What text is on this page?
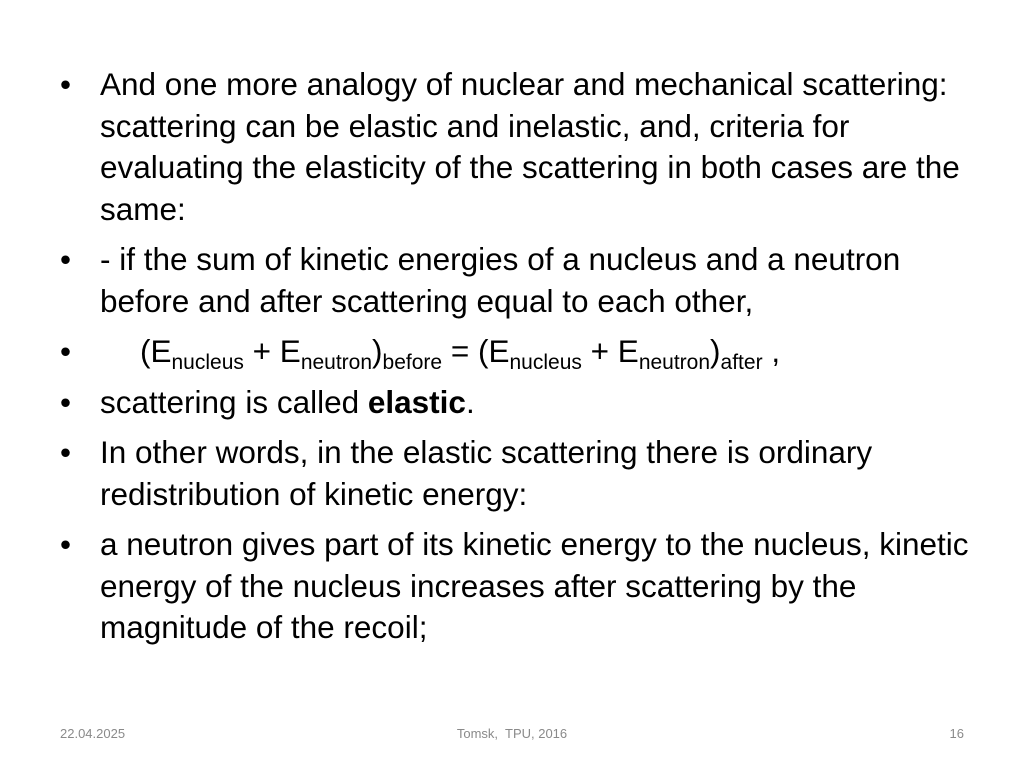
• And one more analogy of nuclear and mechanical scattering: scattering can be elastic and inelastic, and, criteria for evaluating the elasticity of the scattering in both cases are the same:
• - if the sum of kinetic energies of a nucleus and a neutron before and after scattering equal to each other,
•	$(E_{nucleus} + E_{neutron})_{before} = (E_{nucleus} + E_{neutron})_{after}$ ,
• scattering is called elastic.
• In other words, in the elastic scattering there is ordinary redistribution of kinetic energy:
• a neutron gives part of its kinetic energy to the nucleus, kinetic energy of the nucleus increases after scattering by the magnitude of the recoil;
22.04.2025	Tomsk,  TPU, 2016	16
